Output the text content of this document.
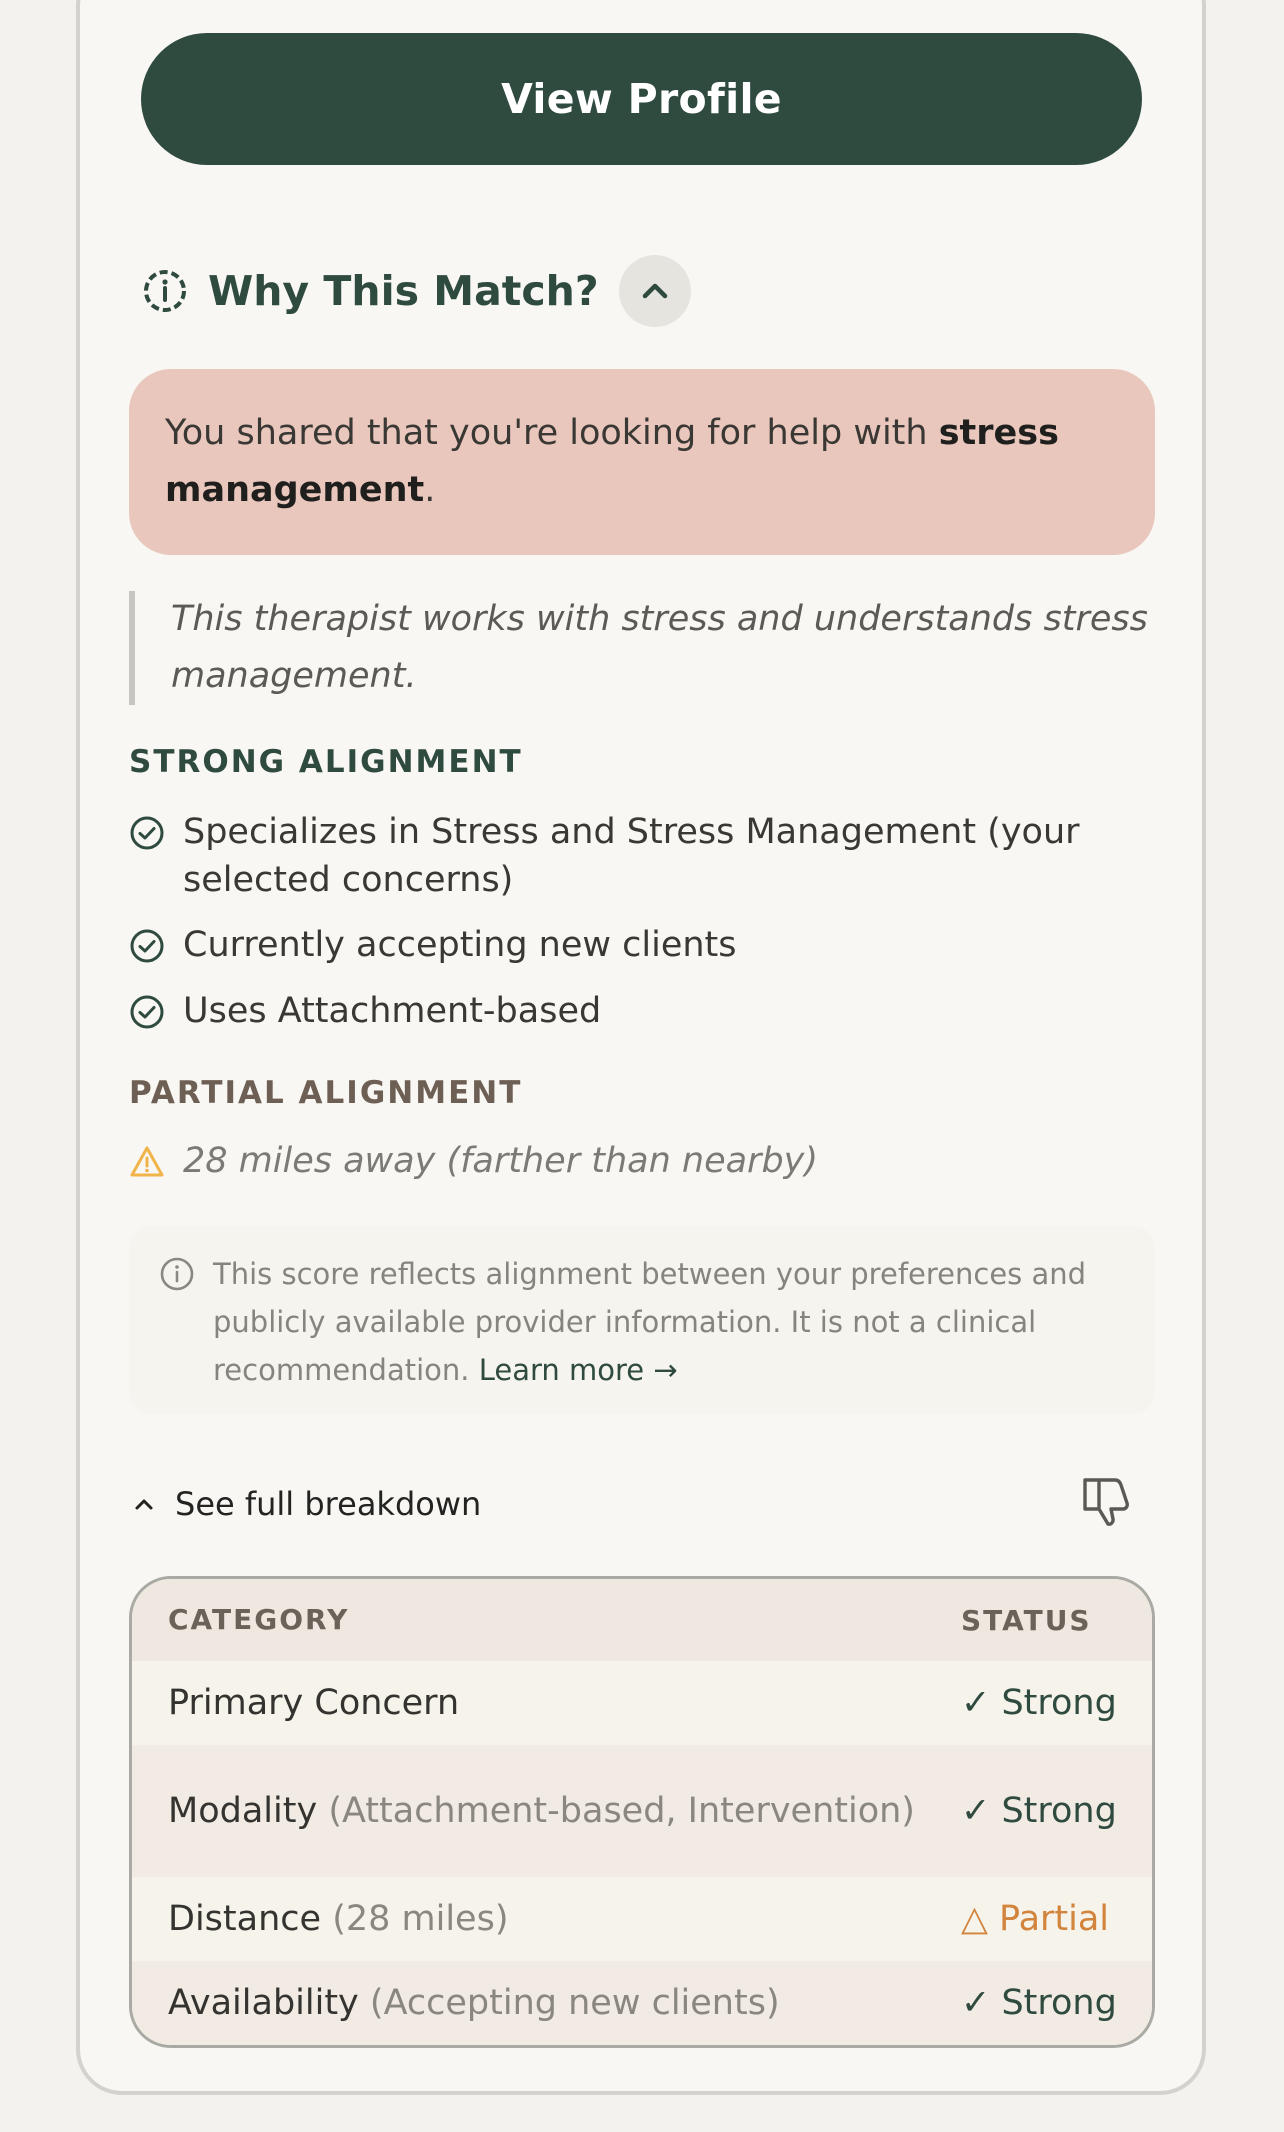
View Profile
Why This Match?
You shared that you're looking for help with stress management.
This therapist works with stress and understands stress management.
STRONG ALIGNMENT
Specializes in Stress and Stress Management (your selected concerns)
Currently accepting new clients
Uses Attachment-based
PARTIAL ALIGNMENT
28 miles away (farther than nearby)
This score reflects alignment between your preferences and publicly available provider information. It is not a clinical recommendation. Learn more →
See full breakdown
CATEGORY	STATUS
Primary Concern	✓ Strong
Modality (Attachment-based, Intervention)	✓ Strong
Distance (28 miles)	△ Partial
Availability (Accepting new clients)	✓ Strong
